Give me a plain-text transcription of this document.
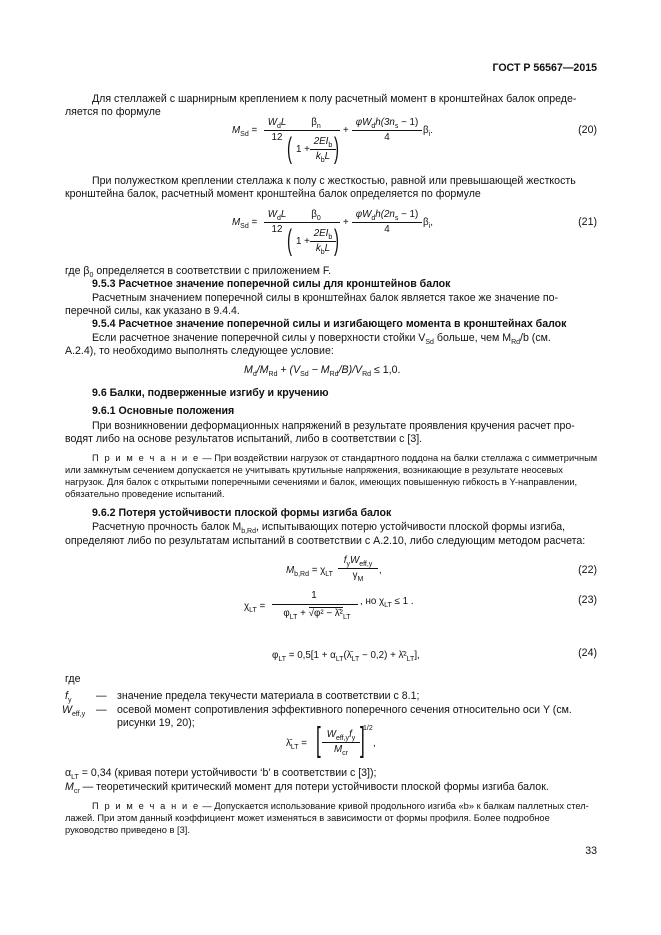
ГОСТ Р 56567—2015
Для стеллажей с шарнирным креплением к полу расчетный момент в кронштейнах балок опреде-
ляется по формуле
$M_{Sd}$ =
$W_dL$
12
$\beta_n$
( 1 +
$2EI_b$
$k_bL$ )
+
$\varphi W_dh(3n_s - 1)$
4
$\beta_i$.	(20)
При полужестком креплении стеллажа к полу с жесткостью, равной или превышающей жесткость
кронштейна балок, расчетный момент кронштейна балок определяется по формуле
$M_{Sd}$ =
$W_dL$
12
$\beta_0$
( 1 +
$2EI_b$
$k_bL$ )
+
$\varphi W_dh(2n_s - 1)$
4
$\beta_i$,	(21)
где $\beta_0$ определяется в соответствии с приложением F.
9.5.3 Расчетное значение поперечной силы для кронштейнов балок
Расчетным значением поперечной силы в кронштейнах балок является такое же значение по-
перечной силы, как указано в 9.4.4.
9.5.4 Расчетное значение поперечной силы и изгибающего момента в кронштейнах балок
Если расчетное значение поперечной силы у поверхности стойки $V_{Sd}$ больше, чем $M_{Rd}/b$ (см.
А.2.4), то необходимо выполнять следующее условие:
$M_d/M_{Rd} + (V_{Sd} - M_{Rd}/B)/V_{Rd} \le 1,0$.
9.6 Балки, подверженные изгибу и кручению
9.6.1 Основные положения
При возникновении деформационных напряжений в результате проявления кручения расчет про-
водят либо на основе результатов испытаний, либо в соответствии с [3].
П р и м е ч а н и е — При воздействии нагрузок от стандартного поддона на балки стеллажа с симметричным
или замкнутым сечением допускается не учитывать крутильные напряжения, возникающие в результате неосевых
нагрузок. Для балок с открытыми поперечными сечениями и балок, имеющих повышенную гибкость в Y-направлении,
обязательно проведение испытаний.
9.6.2 Потеря устойчивости плоской формы изгиба балок
Расчетную прочность балок $M_{b,Rd}$, испытывающих потерю устойчивости плоской формы изгиба,
определяют либо по результатам испытаний в соответствии с А.2.10, либо следующим методом расчета:
$M_{b,Rd} = \chi_{LT}$
$f_yW_{eff,y}$
$\gamma_M$
,	(22)
$\chi_{LT}$ =
1
$\varphi_{LT} + √\varphi^2$ − $\lambdā^2_{LT}$
, но $\chi_{LT} \le 1$ .	(23)
$\varphi_{LT} = 0,5[1$ + $\alpha_{LT}(\lambdā_{LT} - 0,2)$ + $\lambdā^2_{LT}$],	(24)
где
$f_y$ — значение предела текучести материала в соответствии с 8.1;
$W_{eff,y}$ — осевой момент сопротивления эффективного поперечного сечения относительно оси Y (см.
рисунки 19, 20);
$\lambdā_{LT}$ = [ $W_{eff,y}f_y$
$M_{cr}$ ]
1/2
,
$\alpha_{LT} = 0,34$ (кривая потери устойчивости ‘b’ в соответствии с [3]);
$M_{cr}$ — теоретический критический момент для потери устойчивости плоской формы изгиба балок.
П р и м е ч а н и е — Допускается использование кривой продольного изгиба «b» к балкам паллетных стел-
лажей. При этом данный коэффициент может изменяться в зависимости от формы профиля. Более подробное
руководство приведено в [3].
33
